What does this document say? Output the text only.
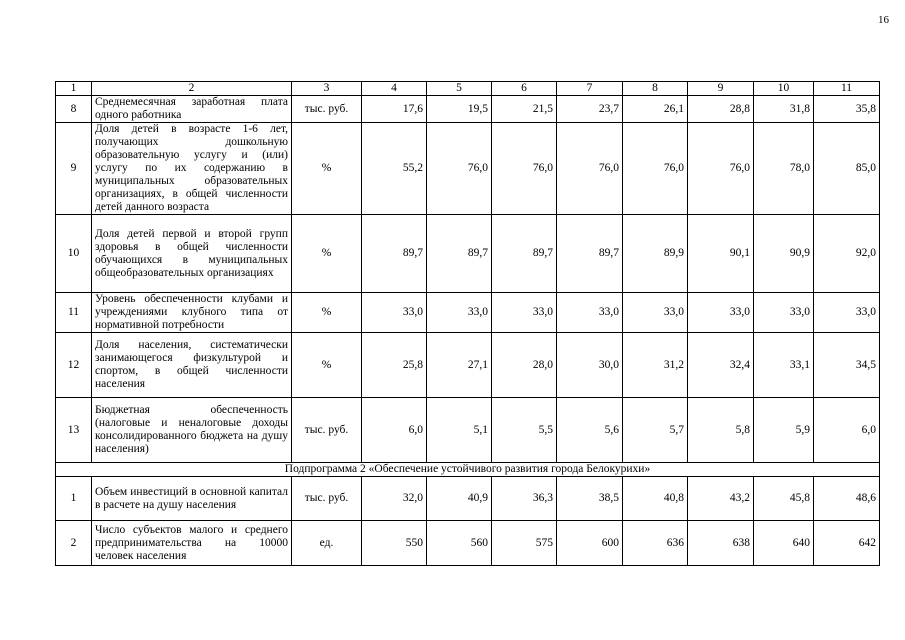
16
1	2	3	4	5	6	7	8	9	10	11
8	Среднемесячная заработная плата одного работника	тыс. руб.	17,6	19,5	21,5	23,7	26,1	28,8	31,8	35,8
9	Доля детей в возрасте 1-6 лет, получающих дошкольную образовательную услугу и (или) услугу по их содержанию в муниципальных образовательных организациях, в общей численности детей данного возраста	%	55,2	76,0	76,0	76,0	76,0	76,0	78,0	85,0
10	Доля детей первой и второй групп здоровья в общей численности обучающихся в муниципальных общеобразовательных организациях	%	89,7	89,7	89,7	89,7	89,9	90,1	90,9	92,0
11	Уровень обеспеченности клубами и учреждениями клубного типа от нормативной потребности	%	33,0	33,0	33,0	33,0	33,0	33,0	33,0	33,0
12	Доля населения, систематически занимающегося физкультурой и спортом, в общей численности населения	%	25,8	27,1	28,0	30,0	31,2	32,4	33,1	34,5
13	Бюджетная обеспеченность (налоговые и неналоговые доходы консолидированного бюджета на душу населения)	тыс. руб.	6,0	5,1	5,5	5,6	5,7	5,8	5,9	6,0
Подпрограмма 2 «Обеспечение устойчивого развития города Белокурихи»										
1	Объем инвестиций в основной капитал в расчете на душу населения	тыс. руб.	32,0	40,9	36,3	38,5	40,8	43,2	45,8	48,6
2	Число субъектов малого и среднего предпринимательства на 10000 человек населения	ед.	550	560	575	600	636	638	640	642
